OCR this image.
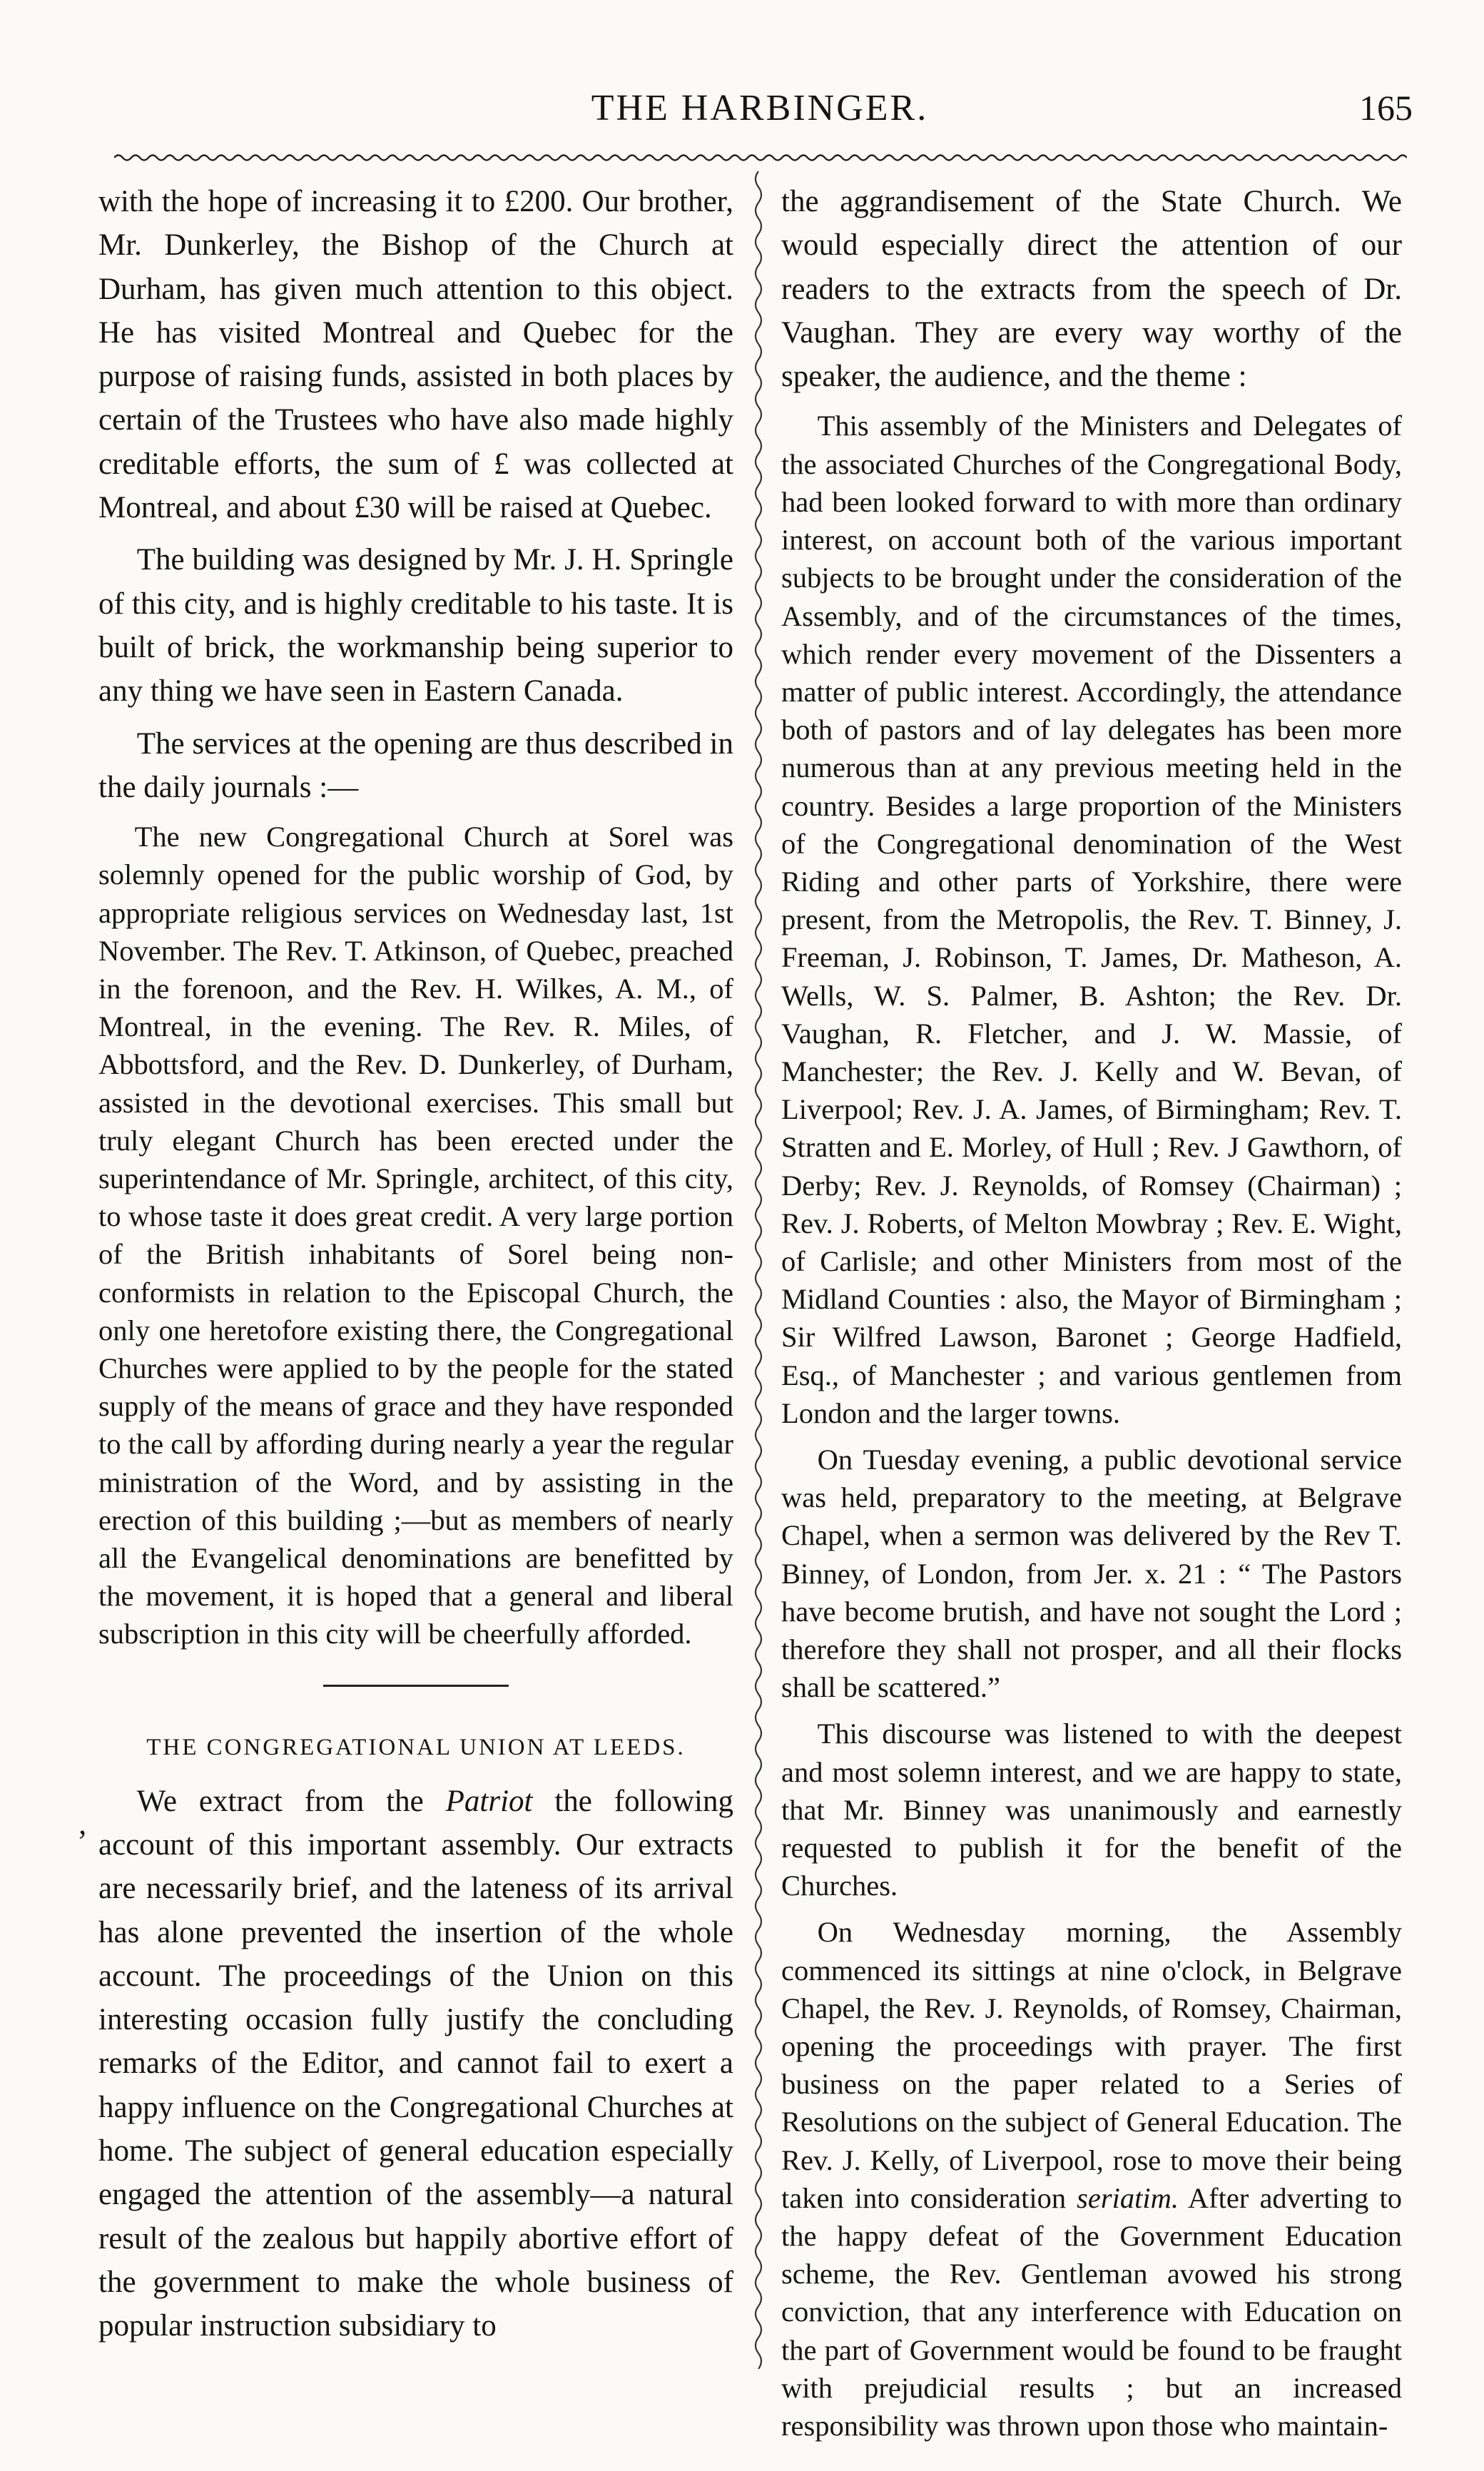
THE HARBINGER.	165

with the hope of increasing it to £200. Our brother, Mr. Dunkerley, the Bishop of the Church at Durham, has given much attention to this object. He has visited Montreal and Quebec for the purpose of raising funds, assisted in both places by certain of the Trustees who have also made highly creditable efforts, the sum of £ was collected at Montreal, and about £30 will be raised at Quebec.

The building was designed by Mr. J. H. Springle of this city, and is highly creditable to his taste. It is built of brick, the workmanship being superior to any thing we have seen in Eastern Canada.

The services at the opening are thus described in the daily journals :—

The new Congregational Church at Sorel was solemnly opened for the public worship of God, by appropriate religious services on Wednesday last, 1st November. The Rev. T. Atkinson, of Quebec, preached in the forenoon, and the Rev. H. Wilkes, A. M., of Montreal, in the evening. The Rev. R. Miles, of Abbottsford, and the Rev. D. Dunkerley, of Durham, assisted in the devotional exercises. This small but truly elegant Church has been erected under the superintendance of Mr. Springle, architect, of this city, to whose taste it does great credit. A very large portion of the British inhabitants of Sorel being non-conformists in relation to the Episcopal Church, the only one heretofore existing there, the Congregational Churches were applied to by the people for the stated supply of the means of grace and they have responded to the call by affording during nearly a year the regular ministration of the Word, and by assisting in the erection of this building ;—but as members of nearly all the Evangelical denominations are benefitted by the movement, it is hoped that a general and liberal subscription in this city will be cheerfully afforded.

THE CONGREGATIONAL UNION AT LEEDS.

We extract from the Patriot the following account of this important assembly. Our extracts are necessarily brief, and the lateness of its arrival has alone prevented the insertion of the whole account. The proceedings of the Union on this interesting occasion fully justify the concluding remarks of the Editor, and cannot fail to exert a happy influence on the Congregational Churches at home. The subject of general education especially engaged the attention of the assembly—a natural result of the zealous but happily abortive effort of the government to make the whole business of popular instruction subsidiary to

the aggrandisement of the State Church. We would especially direct the attention of our readers to the extracts from the speech of Dr. Vaughan. They are every way worthy of the speaker, the audience, and the theme :

This assembly of the Ministers and Delegates of the associated Churches of the Congregational Body, had been looked forward to with more than ordinary interest, on account both of the various important subjects to be brought under the consideration of the Assembly, and of the circumstances of the times, which render every movement of the Dissenters a matter of public interest. Accordingly, the attendance both of pastors and of lay delegates has been more numerous than at any previous meeting held in the country. Besides a large proportion of the Ministers of the Congregational denomination of the West Riding and other parts of Yorkshire, there were present, from the Metropolis, the Rev. T. Binney, J. Freeman, J. Robinson, T. James, Dr. Matheson, A. Wells, W. S. Palmer, B. Ashton; the Rev. Dr. Vaughan, R. Fletcher, and J. W. Massie, of Manchester; the Rev. J. Kelly and W. Bevan, of Liverpool; Rev. J. A. James, of Birmingham; Rev. T. Stratten and E. Morley, of Hull ; Rev. J Gawthorn, of Derby; Rev. J. Reynolds, of Romsey (Chairman) ; Rev. J. Roberts, of Melton Mowbray ; Rev. E. Wight, of Carlisle; and other Ministers from most of the Midland Counties : also, the Mayor of Birmingham ; Sir Wilfred Lawson, Baronet ; George Hadfield, Esq., of Manchester ; and various gentlemen from London and the larger towns.

On Tuesday evening, a public devotional service was held, preparatory to the meeting, at Belgrave Chapel, when a sermon was delivered by the Rev T. Binney, of London, from Jer. x. 21 : “ The Pastors have become brutish, and have not sought the Lord ; therefore they shall not prosper, and all their flocks shall be scattered.”

This discourse was listened to with the deepest and most solemn interest, and we are happy to state, that Mr. Binney was unanimously and earnestly requested to publish it for the benefit of the Churches.

On Wednesday morning, the Assembly commenced its sittings at nine o'clock, in Belgrave Chapel, the Rev. J. Reynolds, of Romsey, Chairman, opening the proceedings with prayer. The first business on the paper related to a Series of Resolutions on the subject of General Education. The Rev. J. Kelly, of Liverpool, rose to move their being taken into consideration seriatim. After adverting to the happy defeat of the Government Education scheme, the Rev. Gentleman avowed his strong conviction, that any interference with Education on the part of Government would be found to be fraught with prejudicial results ; but an increased responsibility was thrown upon those who maintain-

ʼ
